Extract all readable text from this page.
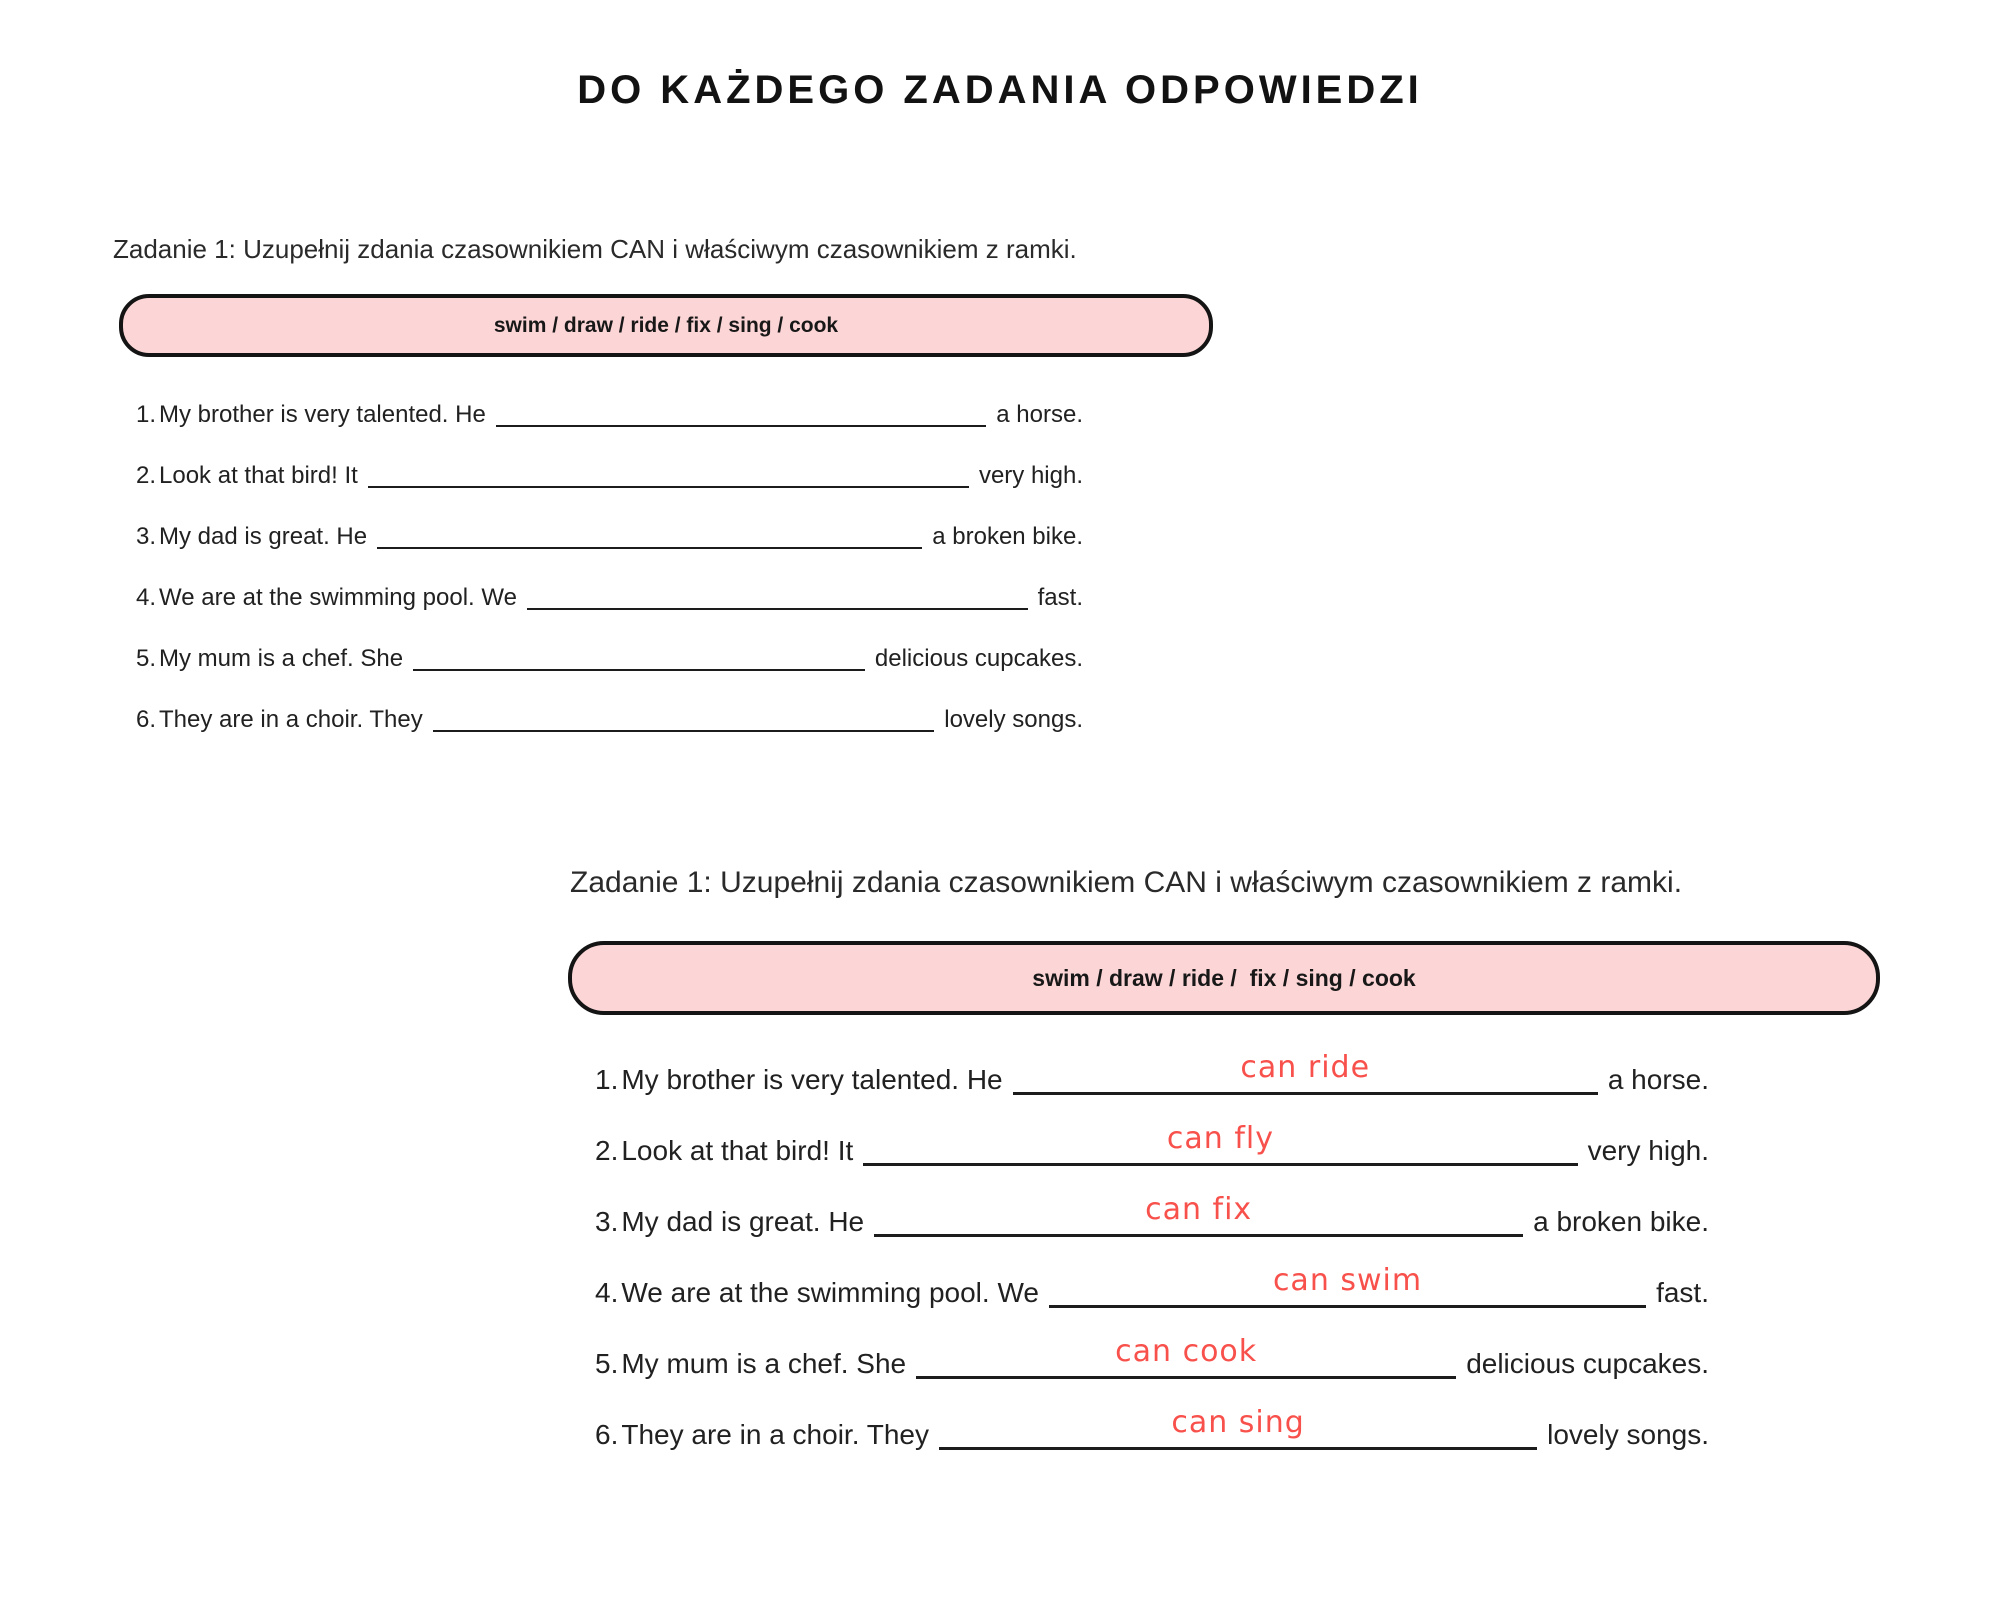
DO KAŻDEGO ZADANIA ODPOWIEDZI
Zadanie 1: Uzupełnij zdania czasownikiem CAN i właściwym czasownikiem z ramki.
swim / draw / ride / fix / sing / cook
1. My brother is very talented. He	a horse.
2. Look at that bird! It	very high.
3. My dad is great. He	a broken bike.
4. We are at the swimming pool. We	fast.
5. My mum is a chef. She	delicious cupcakes.
6. They are in a choir. They	lovely songs.
Zadanie 1: Uzupełnij zdania czasownikiem CAN i właściwym czasownikiem z ramki.
swim / draw / ride /  fix / sing / cook
1. My brother is very talented. He	can ride	a horse.
2. Look at that bird! It	can fly	very high.
3. My dad is great. He	can fix	a broken bike.
4. We are at the swimming pool. We	can swim	fast.
5. My mum is a chef. She	can cook	delicious cupcakes.
6. They are in a choir. They	can sing	lovely songs.
